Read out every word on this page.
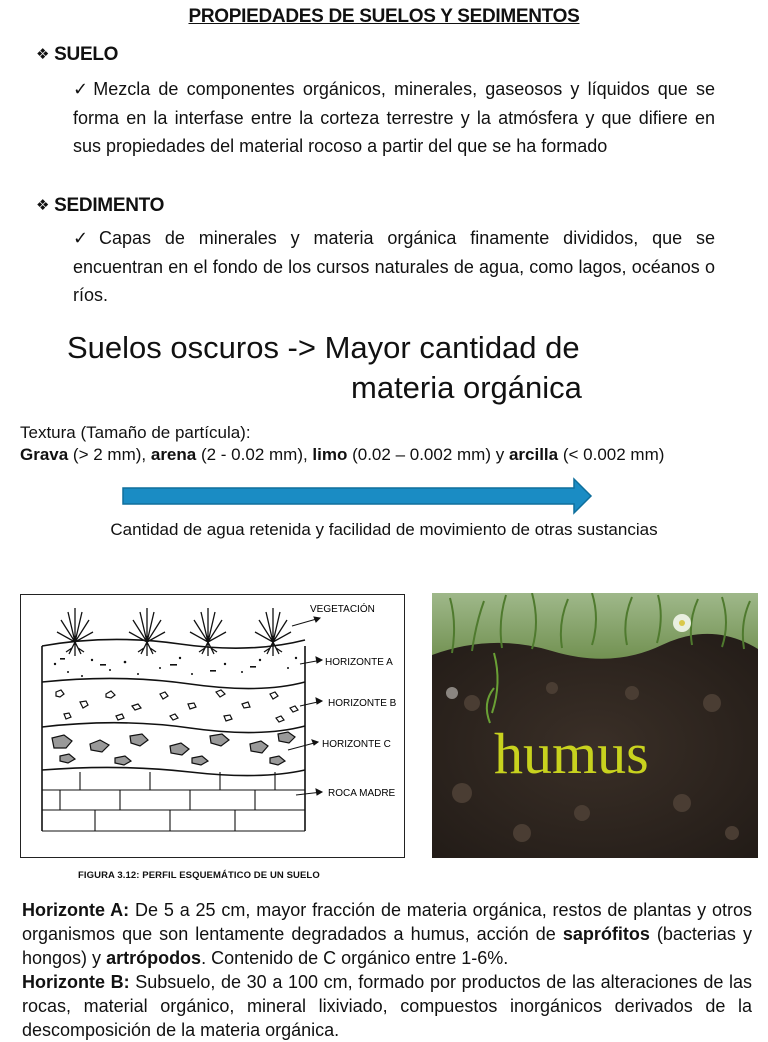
PROPIEDADES DE SUELOS Y SEDIMENTOS
❖ SUELO
✓ Mezcla de componentes orgánicos, minerales, gaseosos y líquidos que se forma en la interfase entre la corteza terrestre y la atmósfera y que difiere en sus propiedades del material rocoso a partir del que se ha formado
❖ SEDIMENTO
✓ Capas de minerales y materia orgánica finamente divididos, que se encuentran en el fondo de los cursos naturales de agua, como lagos, océanos o ríos.
Suelos oscuros -> Mayor cantidad de
materia orgánica
Textura (Tamaño de partícula):
Grava (> 2 mm), arena (2 - 0.02 mm), limo (0.02 – 0.002 mm) y arcilla (< 0.002 mm)
Cantidad de agua retenida y facilidad de movimiento de otras sustancias
VEGETACIÓN
HORIZONTE A
HORIZONTE B
HORIZONTE C
ROCA MADRE
FIGURA 3.12: PERFIL ESQUEMÁTICO DE UN SUELO
humus

Horizonte A: De 5 a 25 cm, mayor fracción de materia orgánica, restos de plantas y otros organismos que son lentamente degradados a humus, acción de saprófitos (bacterias y hongos) y artrópodos. Contenido de C orgánico entre 1-6%.

Horizonte B: Subsuelo, de 30 a 100 cm, formado por productos de las alteraciones de las rocas, material orgánico, mineral lixiviado, compuestos inorgánicos derivados de la descomposición de la materia orgánica.
